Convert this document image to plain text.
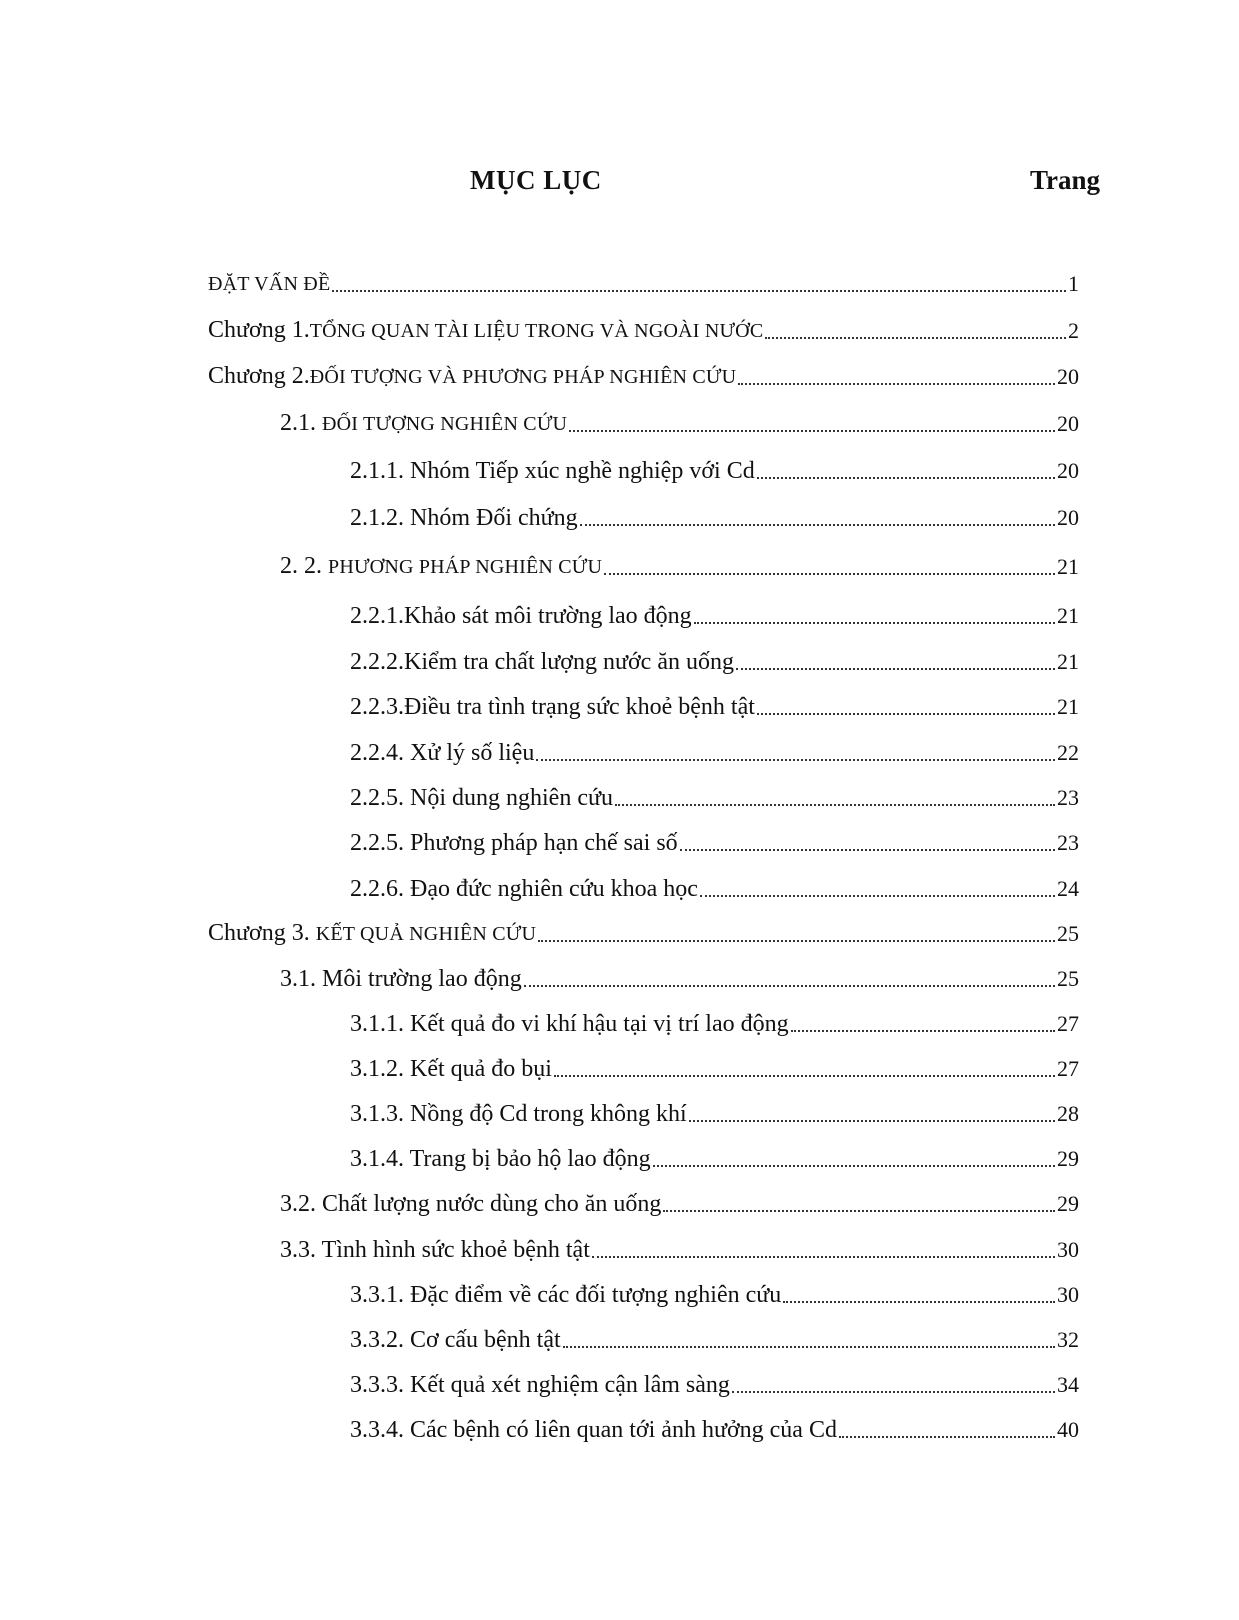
MỤC LỤC	Trang
ĐẶT VẤN ĐỀ	1
Chương 1.TỔNG QUAN TÀI LIỆU TRONG VÀ NGOÀI NƯỚC	2
Chương 2.ĐỐI TƯỢNG VÀ PHƯƠNG PHÁP NGHIÊN CỨU	20
2.1. ĐỐI TƯỢNG NGHIÊN CỨU	20
2.1.1. Nhóm Tiếp xúc nghề nghiệp với Cd	20
2.1.2. Nhóm Đối chứng	20
2. 2. PHƯƠNG PHÁP NGHIÊN CỨU	21
2.2.1.Khảo sát môi trường lao động	21
2.2.2.Kiểm tra chất lượng nước ăn uống	21
2.2.3.Điều tra tình trạng sức khoẻ bệnh tật	21
2.2.4. Xử lý số liệu	22
2.2.5. Nội dung nghiên cứu	23
2.2.5. Phương pháp hạn chế sai số	23
2.2.6. Đạo đức nghiên cứu khoa học	24
Chương 3. KẾT QUẢ NGHIÊN CỨU	25
3.1. Môi trường lao động	25
3.1.1. Kết quả đo vi khí hậu tại vị trí lao động	27
3.1.2. Kết quả đo bụi	27
3.1.3. Nồng độ Cd trong không khí	28
3.1.4. Trang bị bảo hộ lao động	29
3.2. Chất lượng nước dùng cho ăn uống	29
3.3. Tình hình sức khoẻ bệnh tật	30
3.3.1. Đặc điểm về các đối tượng nghiên cứu	30
3.3.2. Cơ cấu bệnh tật	32
3.3.3. Kết quả xét nghiệm cận lâm sàng	34
3.3.4. Các bệnh có liên quan tới ảnh hưởng của Cd	40
